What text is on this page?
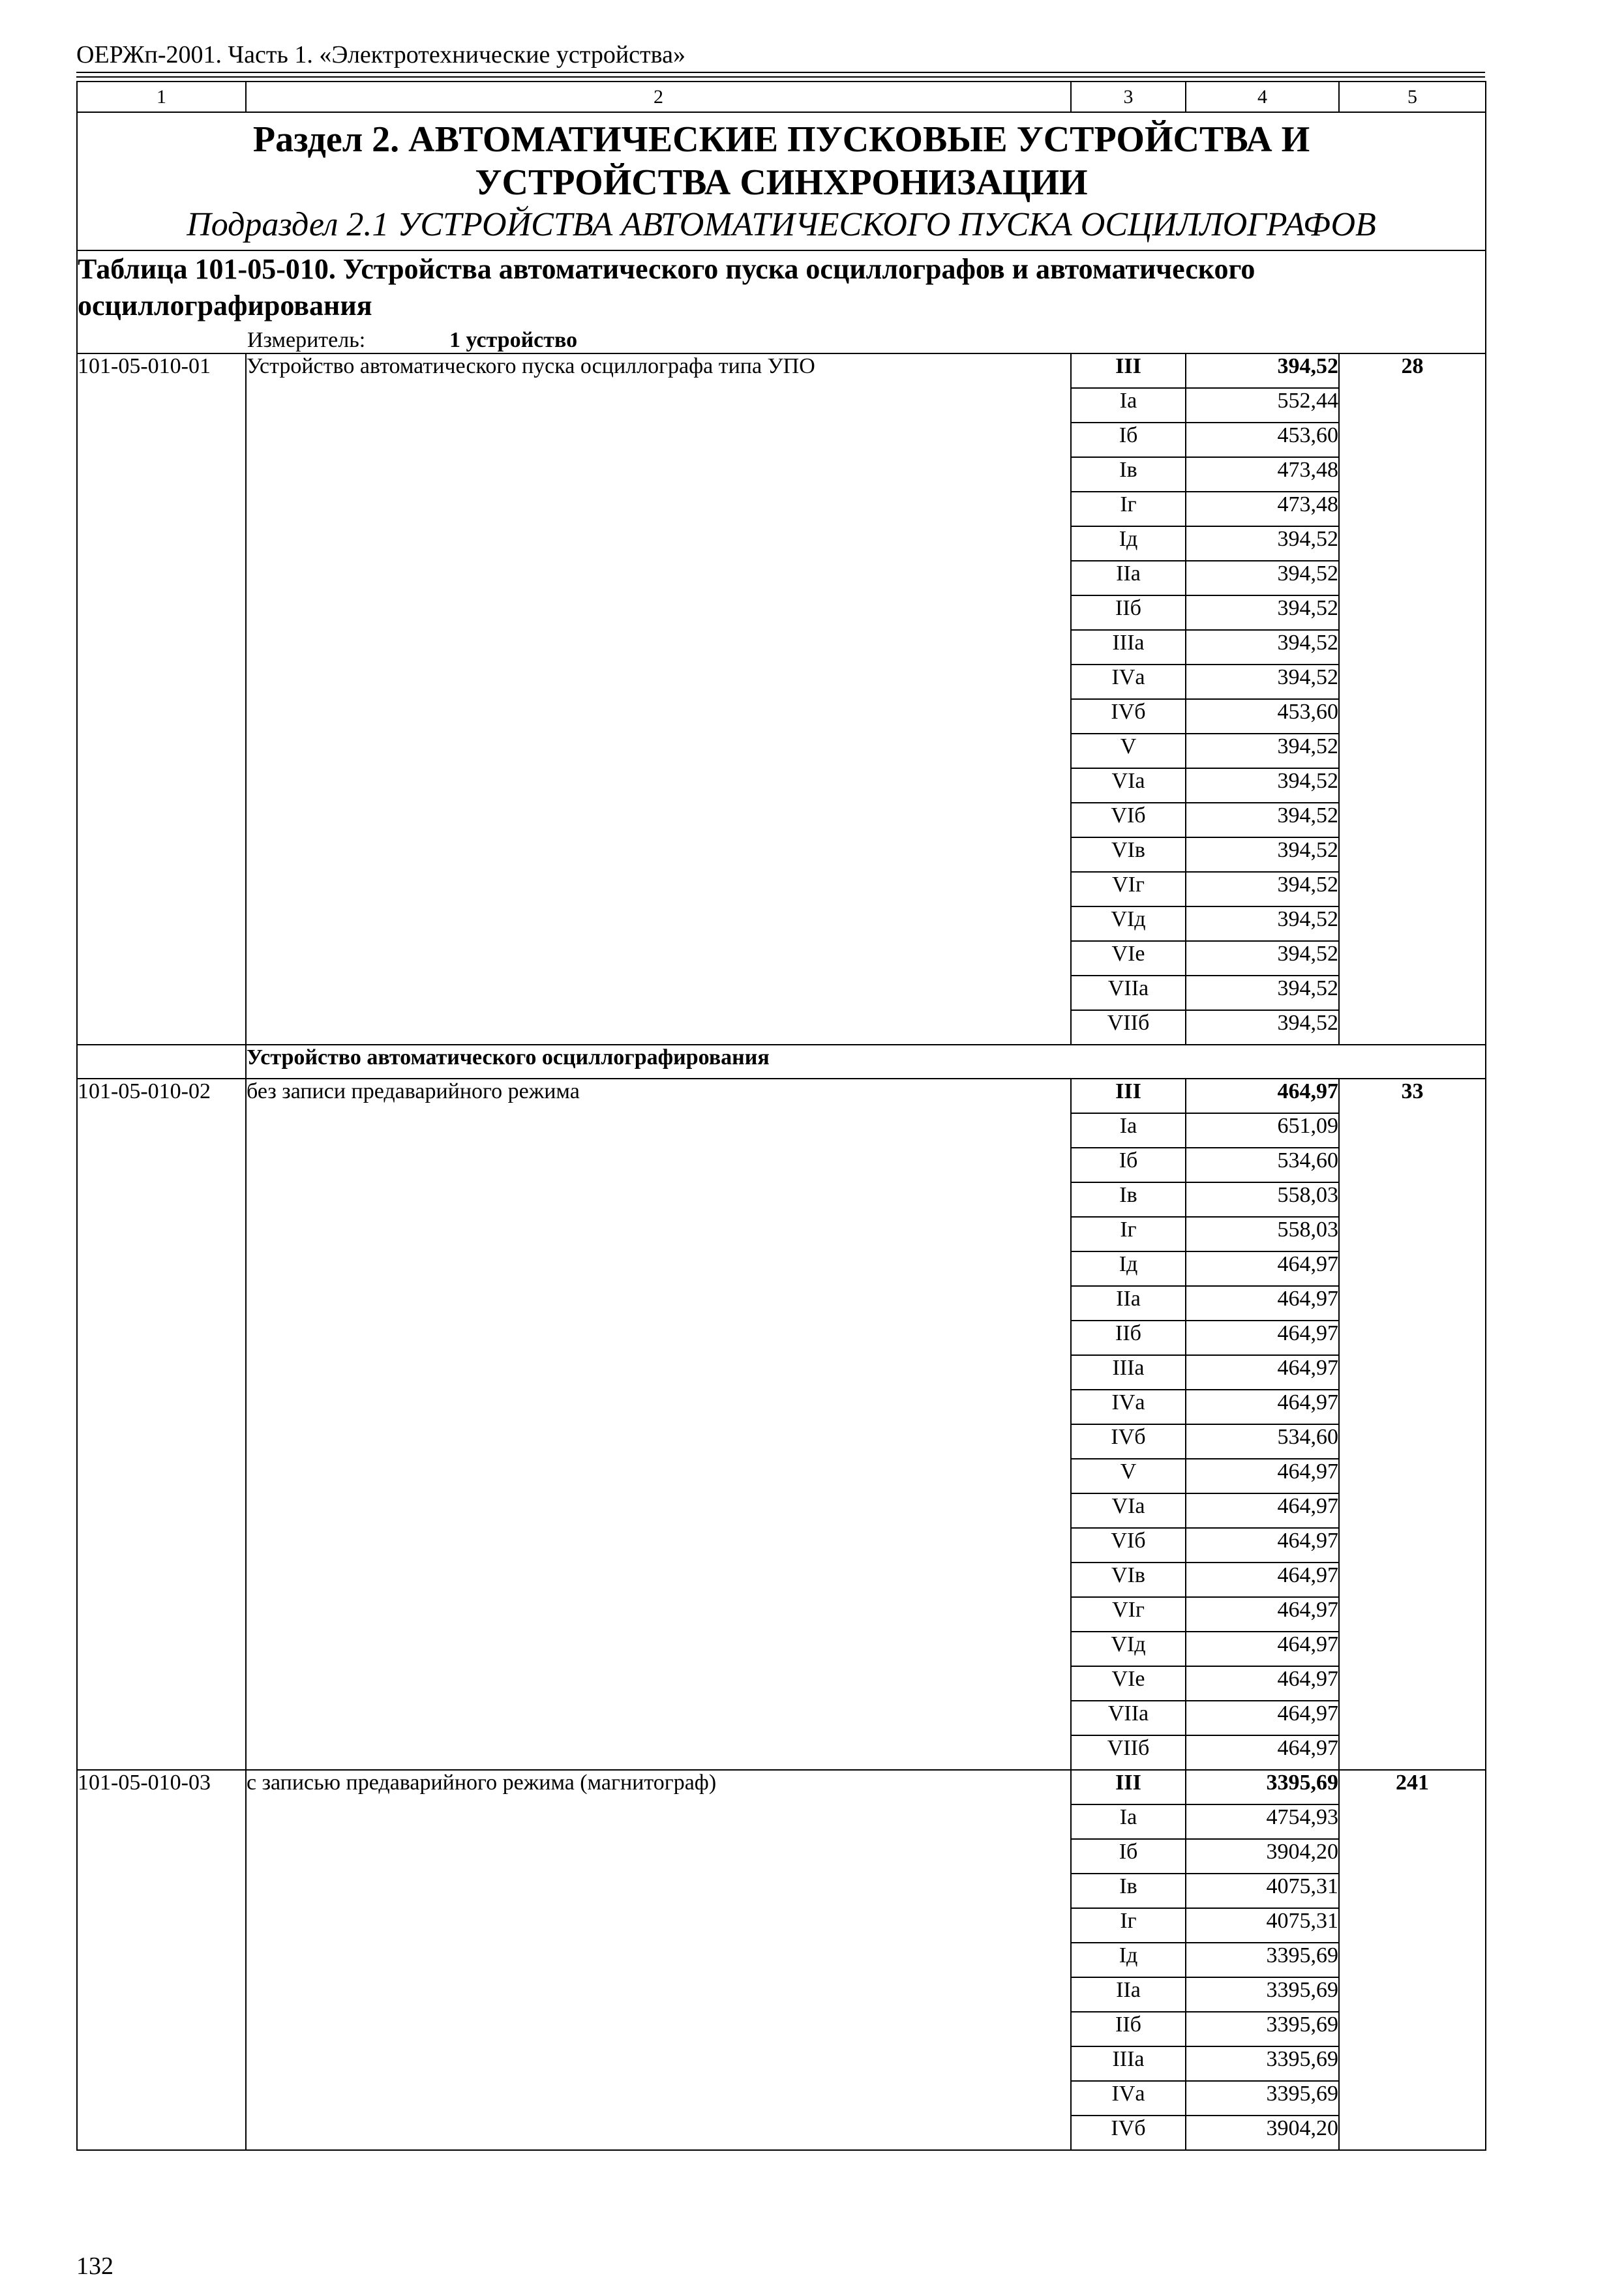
ОЕРЖп-2001. Часть 1. «Электротехнические устройства»
1	2	3	4	5

Раздел 2. АВТОМАТИЧЕСКИЕ ПУСКОВЫЕ УСТРОЙСТВА И
УСТРОЙСТВА СИНХРОНИЗАЦИИ
Подраздел 2.1 УСТРОЙСТВА АВТОМАТИЧЕСКОГО ПУСКА ОСЦИЛЛОГРАФОВ				

Таблица 101-05-010. Устройства автоматического пуска осциллографов и автоматического осциллографирования
Измеритель: 1 устройство				

101-05-010-01	Устройство автоматического пуска осциллографа типа УПО	III	394,52	28
		Iа	552,44	
		Iб	453,60	
		Iв	473,48	
		Iг	473,48	
		Iд	394,52	
		IIа	394,52	
		IIб	394,52	
		IIIа	394,52	
		IVа	394,52	
		IVб	453,60	
		V	394,52	
		VIа	394,52	
		VIб	394,52	
		VIв	394,52	
		VIг	394,52	
		VIд	394,52	
		VIе	394,52	
		VIIа	394,52	
		VIIб	394,52	
	Устройство автоматического осциллографирования			
101-05-010-02	без записи предаварийного режима	III	464,97	33
		Iа	651,09	
		Iб	534,60	
		Iв	558,03	
		Iг	558,03	
		Iд	464,97	
		IIа	464,97	
		IIб	464,97	
		IIIа	464,97	
		IVа	464,97	
		IVб	534,60	
		V	464,97	
		VIа	464,97	
		VIб	464,97	
		VIв	464,97	
		VIг	464,97	
		VIд	464,97	
		VIе	464,97	
		VIIа	464,97	
		VIIб	464,97	
101-05-010-03	с записью предаварийного режима (магнитограф)	III	3395,69	241
		Iа	4754,93	
		Iб	3904,20	
		Iв	4075,31	
		Iг	4075,31	
		Iд	3395,69	
		IIа	3395,69	
		IIб	3395,69	
		IIIа	3395,69	
		IVа	3395,69	
		IVб	3904,20	
132
